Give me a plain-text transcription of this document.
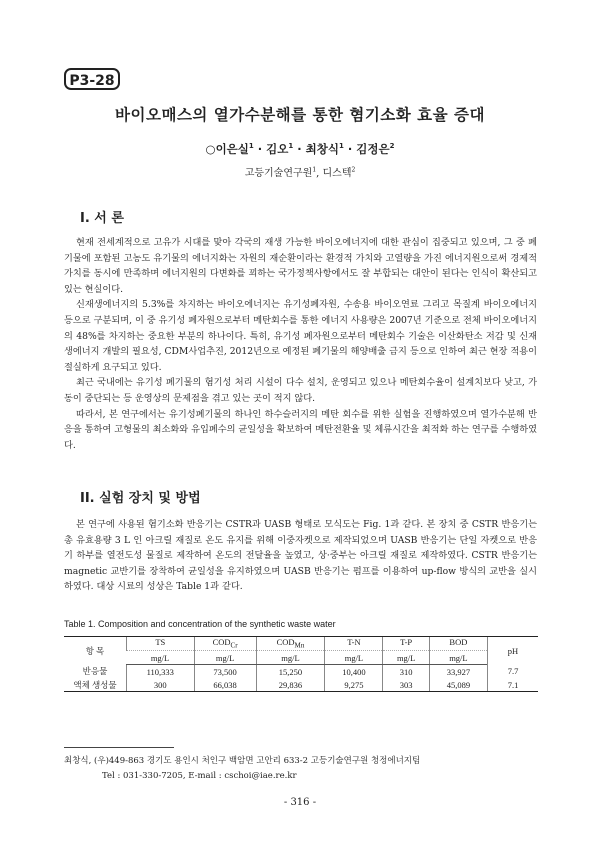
P3-28
바이오매스의 열가수분해를 통한 혐기소화 효율 증대
○이은실$^1$ · 김오$^1$ · 최창식$^1$ · 김정은$^2$
고등기술연구원$^1$, 디스텍$^2$
I. 서 론

현재 전세계적으로 고유가 시대를 맞아 각국의 재생 가능한 바이오에너지에 대한 관심이 집중되고 있으며, 그 중 폐기물에 포함된 고농도 유기물의 에너지화는 자원의 재순환이라는 환경적 가치와 고열량을 가진 에너지원으로써 경제적 가치를 동시에 만족하며 에너지원의 다변화를 꾀하는 국가정책사항에서도 잘 부합되는 대안이 된다는 인식이 확산되고 있는 현실이다.

신재생에너지의 5.3%를 차지하는 바이오에너지는 유기성폐자원, 수송용 바이오연료 그리고 목질계 바이오에너지 등으로 구분되며, 이 중 유기성 폐자원으로부터 메탄회수를 통한 에너지 사용량은 2007년 기준으로 전체 바이오에너지의 48%를 차지하는 중요한 부분의 하나이다. 특히, 유기성 폐자원으로부터 메탄회수 기술은 이산화탄소 저감 및 신재생에너지 개발의 필요성, CDM사업추진, 2012년으로 예정된 폐기물의 해양배출 금지 등으로 인하여 최근 현장 적용이 절실하게 요구되고 있다.

최근 국내에는 유기성 폐기물의 혐기성 처리 시설이 다수 설치, 운영되고 있으나 메탄회수율이 설계치보다 낮고, 가동이 중단되는 등 운영상의 문제점을 겪고 있는 곳이 적지 않다.

따라서, 본 연구에서는 유기성폐기물의 하나인 하수슬러지의 메탄 회수를 위한 실험을 진행하였으며 열가수분해 반응을 통하여 고형물의 최소화와 유입폐수의 균일성을 확보하여 메탄전환율 및 체류시간을 최적화 하는 연구를 수행하였다.

II. 실험 장치 및 방법

본 연구에 사용된 혐기소화 반응기는 CSTR과 UASB 형태로 모식도는 Fig. 1과 같다. 본 장치 중 CSTR 반응기는 총 유효용량 3 L 인 아크릴 재질로 온도 유지를 위해 이중자켓으로 제작되었으며 UASB 반응기는 단일 자켓으로 반응기 하부를 열전도성 물질로 제작하여 온도의 전달율을 높였고, 상·중부는 아크릴 재질로 제작하였다. CSTR 반응기는 magnetic 교반기를 장착하여 균일성을 유지하였으며 UASB 반응기는 펌프를 이용하여 up-flow 방식의 교반을 실시하였다. 대상 시료의 성상은 Table 1과 같다.

Table 1. Composition and concentration of the synthetic waste water
항 목	TS	$COD_{Cr}$	$COD_{Mn}$	T-N	T-P	BOD	pH
	mg/L	mg/L	mg/L	mg/L	mg/L	mg/L	
반응물	110,333	73,500	15,250	10,400	310	33,927	7.7
액체 생성물	300	66,038	29,836	9,275	303	45,089	7.1
최창식, (우)449-863 경기도 용인시 처인구 백암면 고안리 633-2 고등기술연구원 청정에너지팀
Tel : 031-330-7205, E-mail : cschoi@iae.re.kr
- 316 -
